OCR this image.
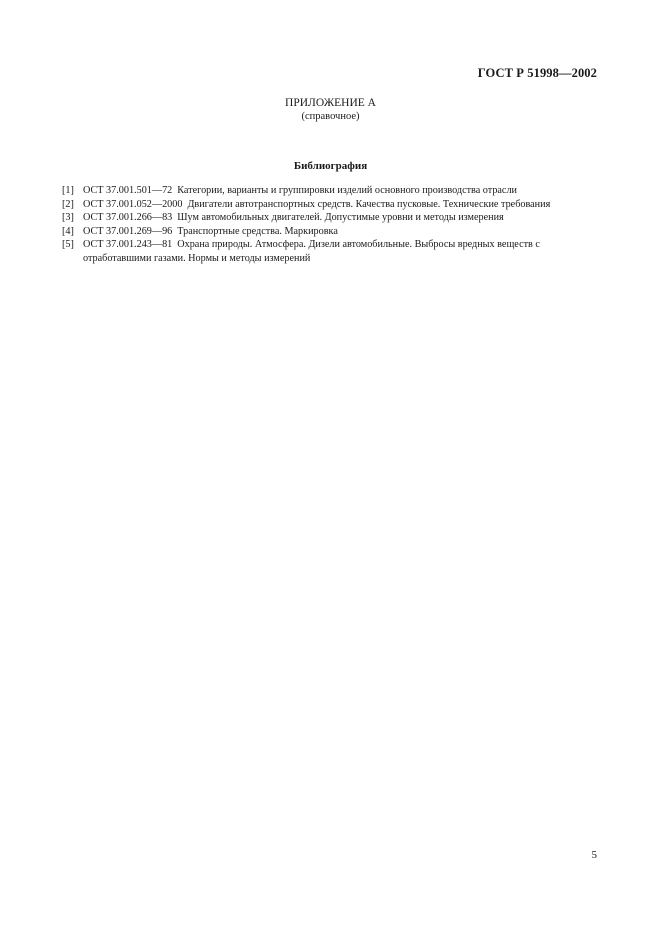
ГОСТ Р 51998—2002
ПРИЛОЖЕНИЕ А
(справочное)
Библиография
[1] ОСТ 37.001.501—72 Категории, варианты и группировки изделий основного производства отрасли
[2] ОСТ 37.001.052—2000 Двигатели автотранспортных средств. Качества пусковые. Технические требования
[3] ОСТ 37.001.266—83 Шум автомобильных двигателей. Допустимые уровни и методы измерения
[4] ОСТ 37.001.269—96 Транспортные средства. Маркировка
[5] ОСТ 37.001.243—81 Охрана природы. Атмосфера. Дизели автомобильные. Выбросы вредных веществ с отработавшими газами. Нормы и методы измерений
5
